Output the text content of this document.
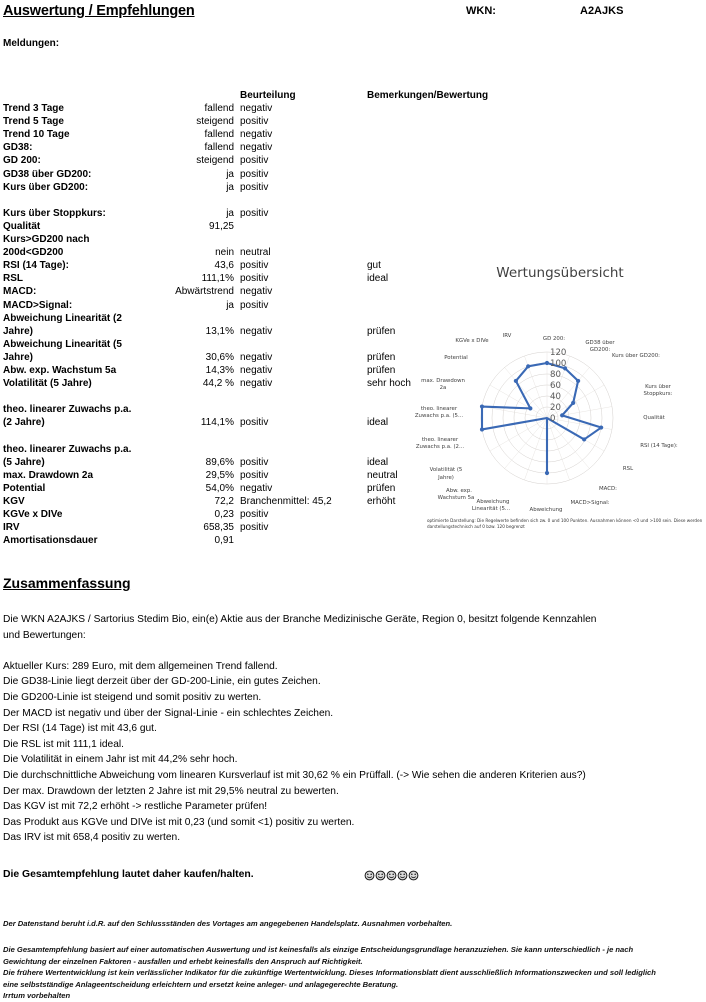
Auswertung / Empfehlungen	WKN:	A2AJKS
Meldungen:
Beurteilung	Bemerkungen/Bewertung
Trend 3 Tage	fallend negativ
Trend 5 Tage	steigend positiv
Trend 10 Tage	fallend negativ
GD38:	fallend negativ
GD 200:	steigend positiv
GD38 über GD200:	ja positiv
Kurs über GD200:	ja positiv
Kurs über Stoppkurs:	ja positiv
Qualität	91,25
Kurs>GD200 nach
200d<GD200	nein neutral
RSI (14 Tage):	43,6 positiv	gut
RSL	111,1% positiv	ideal
MACD:	Abwärtstrend negativ
MACD>Signal:	ja positiv
Abweichung Linearität (2
Jahre)	13,1% negativ	prüfen
Abweichung Linearität (5
Jahre)	30,6% negativ	prüfen
Abw. exp. Wachstum 5a	14,3% negativ	prüfen
Volatilität (5 Jahre)	44,2 % negativ	sehr hoch
theo. linearer Zuwachs p.a.
(2 Jahre)	114,1% positiv	ideal
theo. linearer Zuwachs p.a.
(5 Jahre)	89,6% positiv	ideal
max. Drawdown 2a	29,5% positiv	neutral
Potential	54,0% negativ	prüfen
KGV	72,2 Branchenmittel: 45,2	erhöht
KGVe x DIVe	0,23 positiv
IRV	658,35 positiv
Amortisationsdauer	0,91
Wertungsübersicht
0
20
40
60
80
100
120
GD 200:
GD38 über
GD200:
Kurs über GD200:
Kurs über
Stoppkurs:
Qualität
RSI (14 Tage):
RSL
MACD:
MACD>Signal:
Abweichung
Abweichung
Linearität (5...
Abw. exp.
Wachstum 5a
Volatilität (5
Jahre)
theo. linearer
Zuwachs p.a. (2...
theo. linearer
Zuwachs p.a. (5...
max. Drawdown
2a
Potential
KGVe x DIVe
IRV
optimierte Darstellung: Die Regelwerte befinden sich zw. 0 und 100 Punkten. Ausnahmen können <0 und >100 sein. Diese werden darstellungstechnisch auf 0 bzw. 120 begrenzt
Zusammenfassung
Die WKN A2AJKS / Sartorius Stedim Bio, ein(e) Aktie aus der Branche Medizinische Geräte, Region 0, besitzt folgende Kennzahlen
und Bewertungen:

Aktueller Kurs: 289 Euro, mit dem allgemeinen Trend fallend.
Die GD38-Linie liegt derzeit über der GD-200-Linie, ein gutes Zeichen.
Die GD200-Linie ist steigend und somit positiv zu werten.
Der MACD ist negativ und über der Signal-Linie - ein schlechtes Zeichen.
Der RSI (14 Tage) ist mit 43,6 gut.
Die RSL ist mit 111,1 ideal.
Die Volatilität in einem Jahr ist mit 44,2% sehr hoch.
Die durchschnittliche Abweichung vom linearen Kursverlauf ist mit 30,62 % ein Prüffall. (-> Wie sehen die anderen Kriterien aus?)
Der max. Drawdown der letzten 2 Jahre ist mit 29,5% neutral zu bewerten.
Das KGV ist mit 72,2 erhöht -> restliche Parameter prüfen!
Das Produkt aus KGVe und DIVe ist mit 0,23 (und somit <1) positiv zu werten.
Das IRV ist mit 658,4 positiv zu werten.
Die Gesamtempfehlung lautet daher kaufen/halten.
Der Datenstand beruht i.d.R. auf den Schlussständen des Vortages am angegebenen Handelsplatz. Ausnahmen vorbehalten.
Die Gesamtempfehlung basiert auf einer automatischen Auswertung und ist keinesfalls als einzige Entscheidungsgrundlage heranzuziehen. Sie kann unterschiedlich - je nach
Gewichtung der einzelnen Faktoren - ausfallen und erhebt keinesfalls den Anspruch auf Richtigkeit.
Die frühere Wertentwicklung ist kein verlässlicher Indikator für die zukünftige Wertentwicklung. Dieses Informationsblatt dient ausschließlich Informationszwecken und soll lediglich
eine selbstständige Anlageentscheidung erleichtern und ersetzt keine anleger- und anlagegerechte Beratung.
Irrtum vorbehalten
